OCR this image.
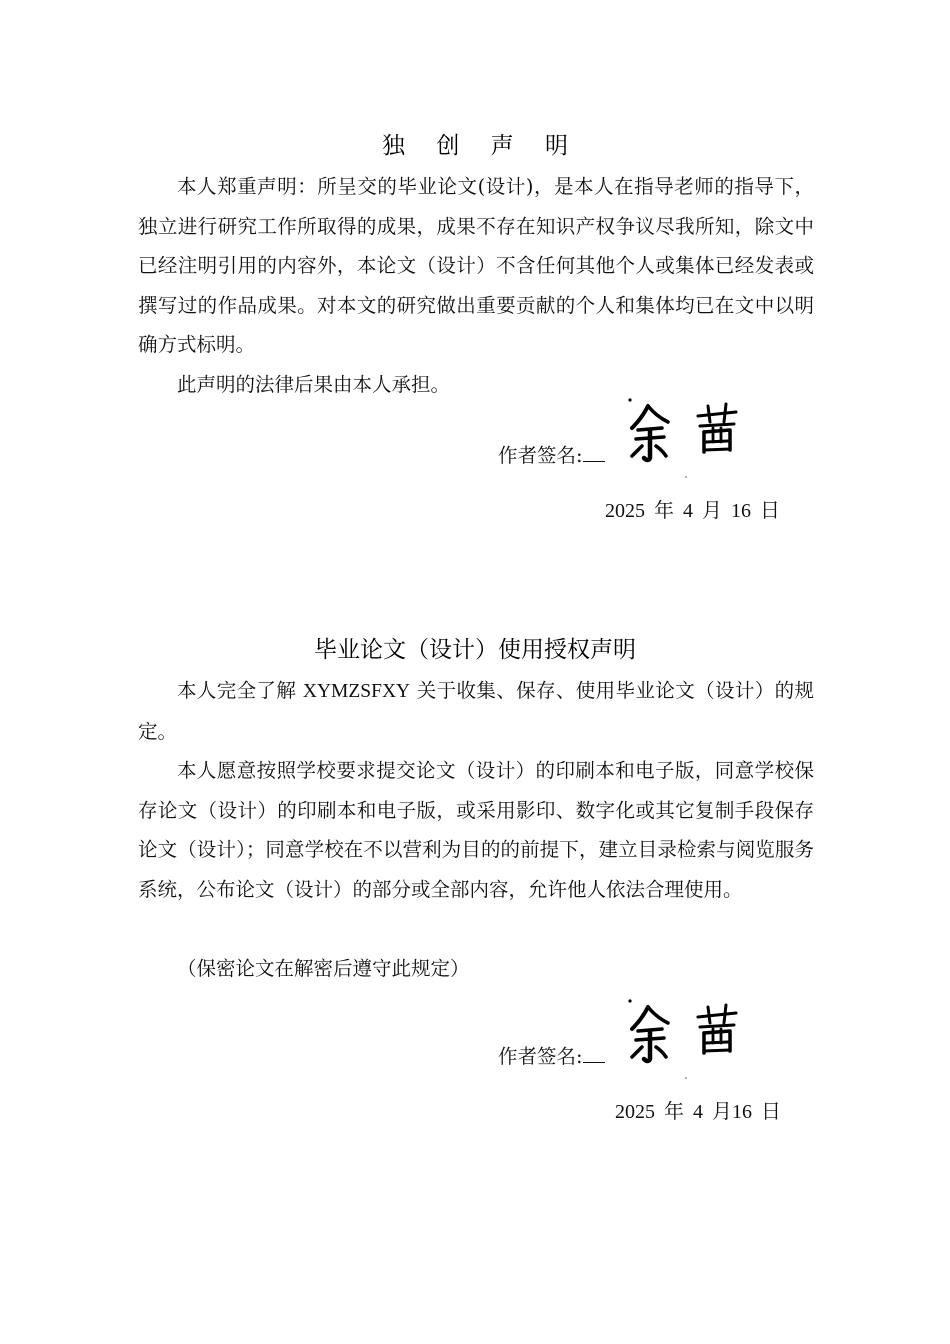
独 创 声 明

本人郑重声明：所呈交的毕业论文(设计)，是本人在指导老师的指导下，独立进行研究工作所取得的成果，成果不存在知识产权争议尽我所知，除文中已经注明引用的内容外，本论文（设计）不含任何其他个人或集体已经发表或撰写过的作品成果。对本文的研究做出重要贡献的个人和集体均已在文中以明确方式标明。

此声明的法律后果由本人承担。

作者签名:
2025 年 4 月 16 日
毕业论文（设计）使用授权声明

本人完全了解 XYMZSFXY 关于收集、保存、使用毕业论文（设计）的规定。

本人愿意按照学校要求提交论文（设计）的印刷本和电子版，同意学校保存论文（设计）的印刷本和电子版，或采用影印、数字化或其它复制手段保存论文（设计）；同意学校在不以营利为目的的前提下，建立目录检索与阅览服务系统，公布论文（设计）的部分或全部内容，允许他人依法合理使用。

（保密论文在解密后遵守此规定）

作者签名:
2025 年 4 月16 日
